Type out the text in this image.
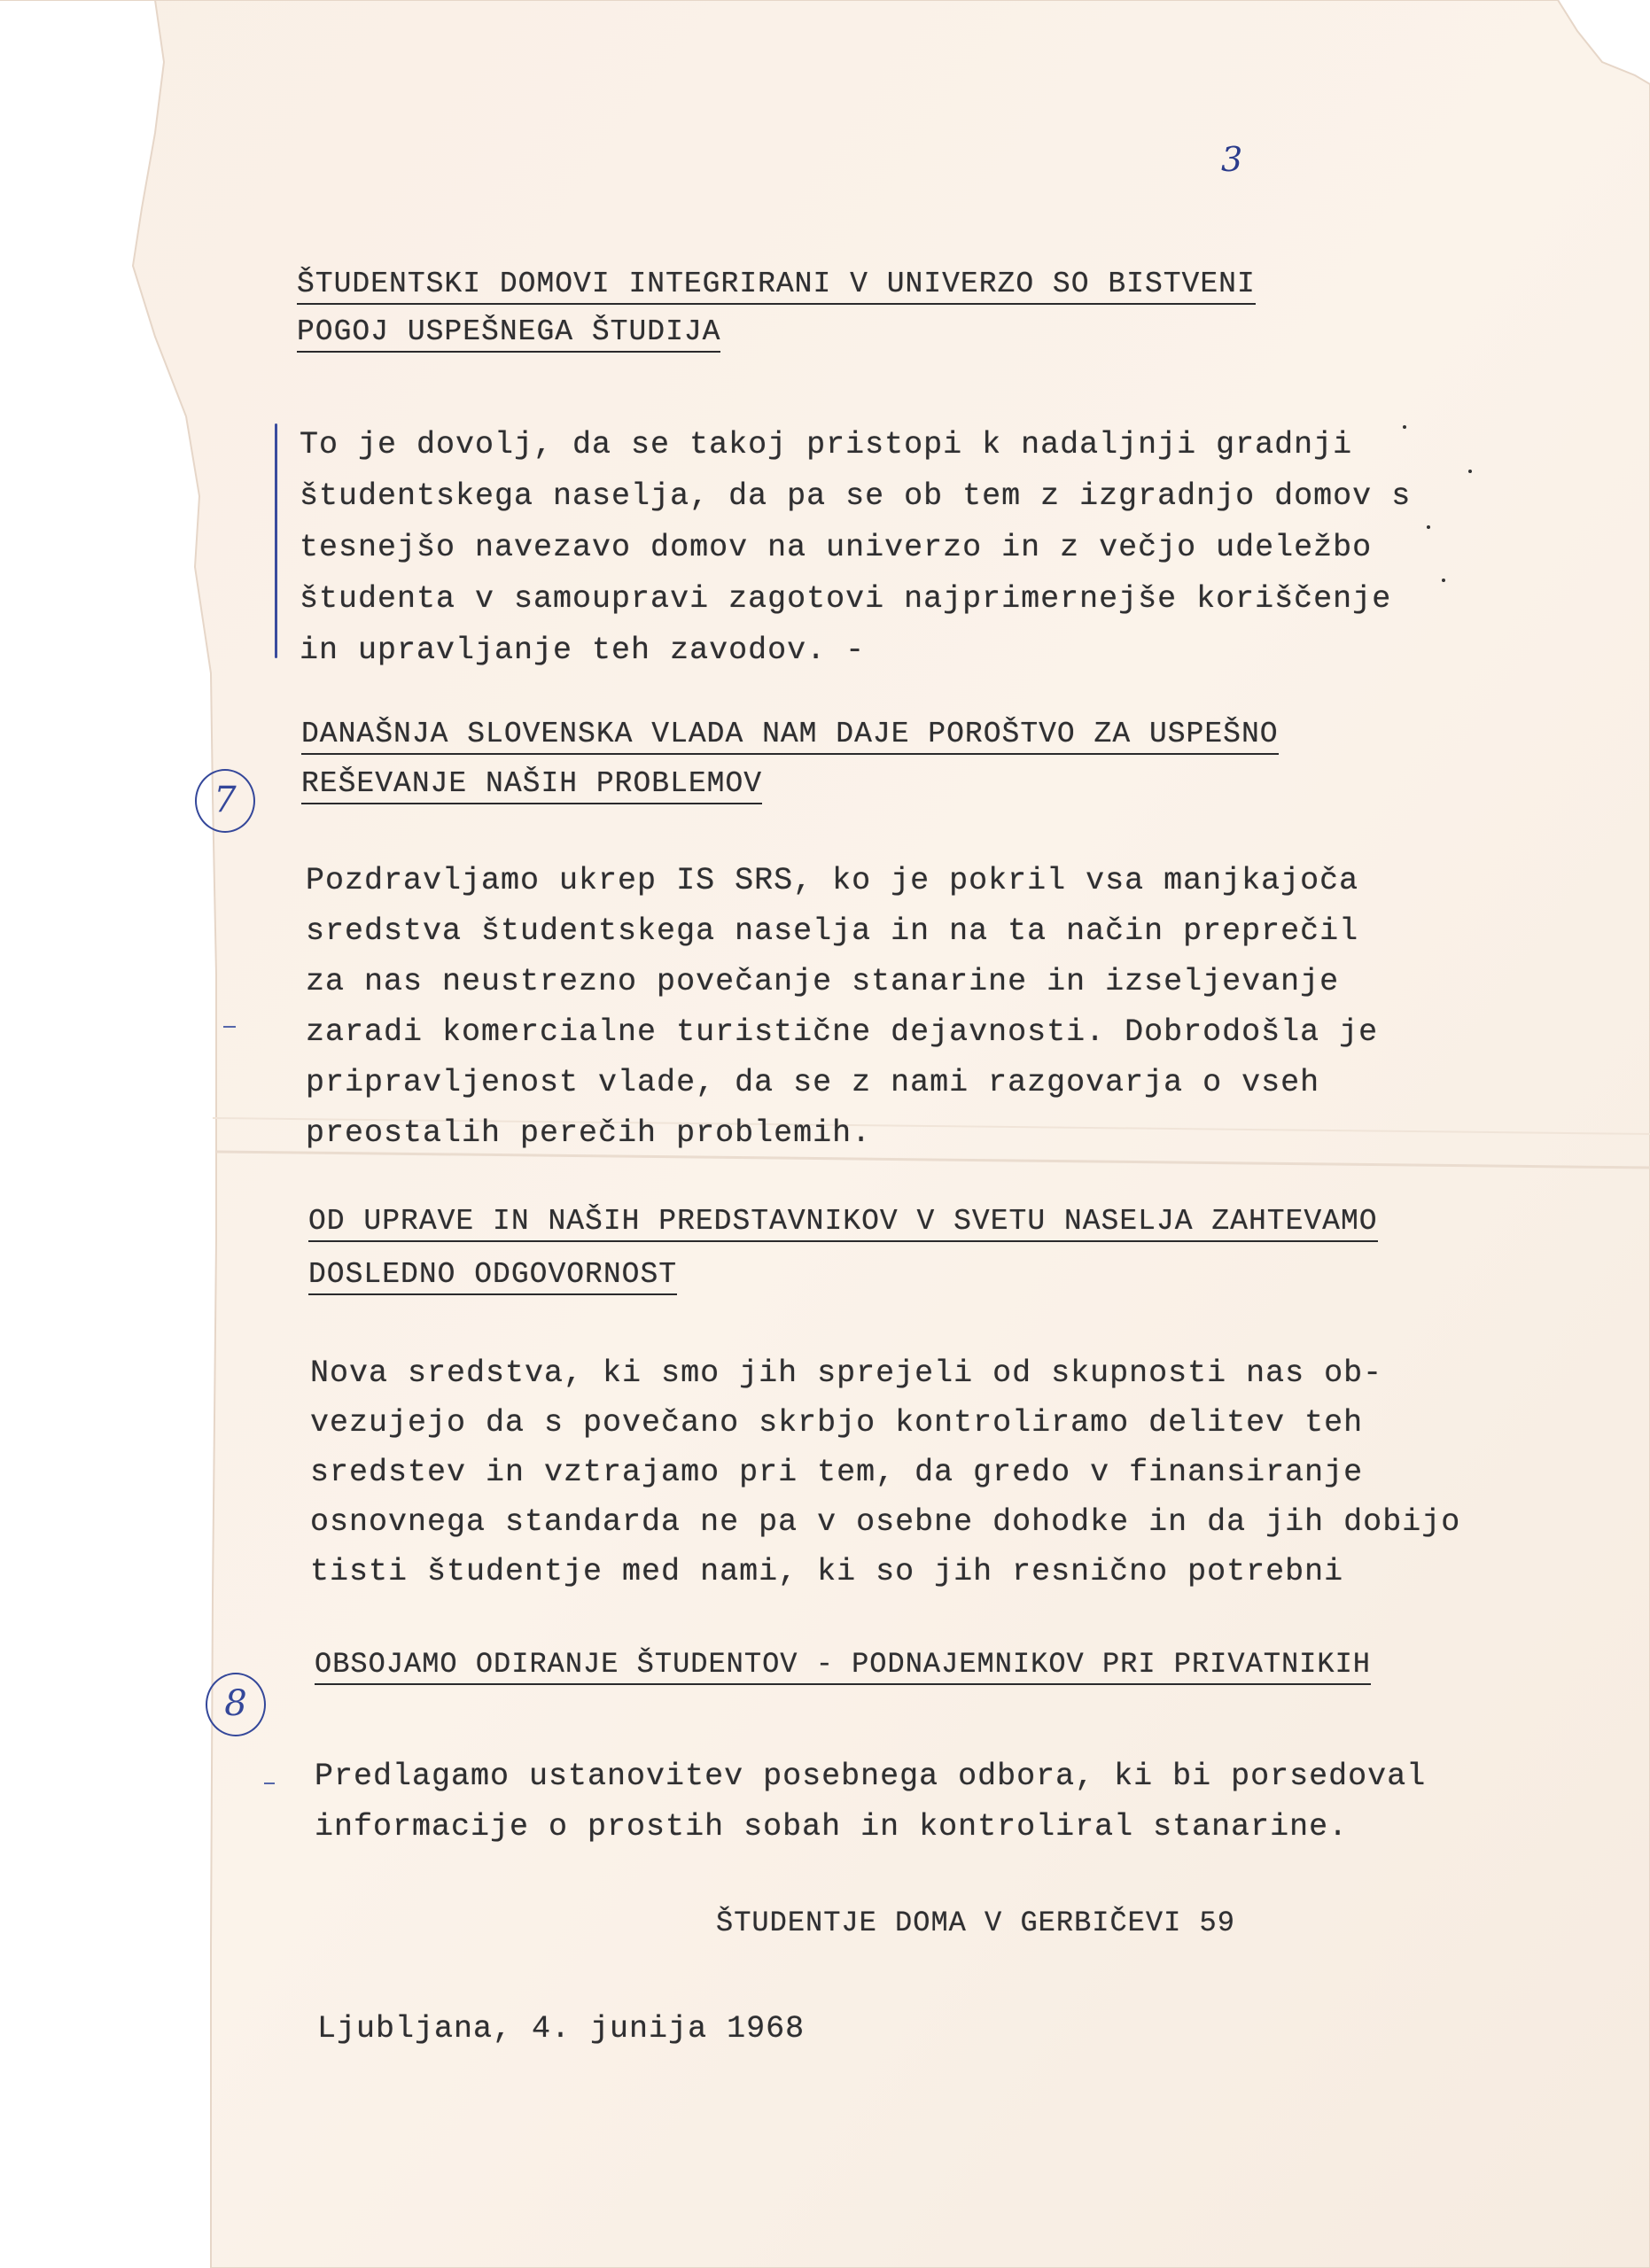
3
ŠTUDENTSKI DOMOVI INTEGRIRANI V UNIVERZO SO BISTVENI
POGOJ USPEŠNEGA ŠTUDIJA
To je dovolj, da se takoj pristopi k nadaljnji gradnji
študentskega naselja, da pa se ob tem z izgradnjo domov s
tesnejšo navezavo domov na univerzo in z večjo udeležbo
študenta v samoupravi zagotovi najprimernejše koriščenje
in upravljanje teh zavodov. -
DANAŠNJA SLOVENSKA VLADA NAM DAJE POROŠTVO ZA USPEŠNO
REŠEVANJE NAŠIH PROBLEMOV
7
Pozdravljamo ukrep IS SRS, ko je pokril vsa manjkajoča
sredstva študentskega naselja in na ta način preprečil
za nas neustrezno povečanje stanarine in izseljevanje
zaradi komercialne turistične dejavnosti. Dobrodošla je
pripravljenost vlade, da se z nami razgovarja o vseh
preostalih perečih problemih.
OD UPRAVE IN NAŠIH PREDSTAVNIKOV V SVETU NASELJA ZAHTEVAMO
DOSLEDNO ODGOVORNOST
Nova sredstva, ki smo jih sprejeli od skupnosti nas ob-
vezujejo da s povečano skrbjo kontroliramo delitev teh
sredstev in vztrajamo pri tem, da gredo v finansiranje
osnovnega standarda ne pa v osebne dohodke in da jih dobijo
tisti študentje med nami, ki so jih resnično potrebni
OBSOJAMO ODIRANJE ŠTUDENTOV - PODNAJEMNIKOV PRI PRIVATNIKIH
8
Predlagamo ustanovitev posebnega odbora, ki bi porsedoval
informacije o prostih sobah in kontroliral stanarine.
ŠTUDENTJE DOMA V GERBIČEVI 59
Ljubljana, 4. junija 1968
